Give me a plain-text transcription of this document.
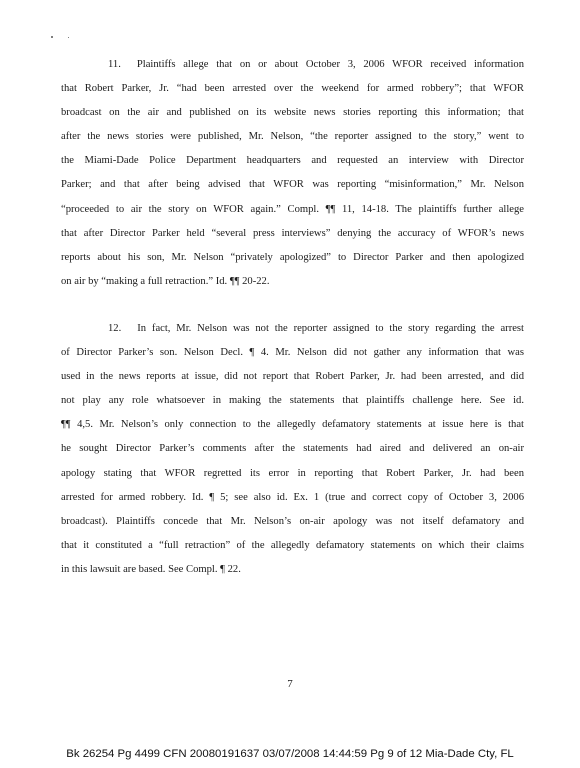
11. Plaintiffs allege that on or about October 3, 2006 WFOR received information
that Robert Parker, Jr. “had been arrested over the weekend for armed robbery”; that WFOR
broadcast on the air and published on its website news stories reporting this information; that
after the news stories were published, Mr. Nelson, “the reporter assigned to the story,” went to
the Miami-Dade Police Department headquarters and requested an interview with Director
Parker; and that after being advised that WFOR was reporting “misinformation,” Mr. Nelson
“proceeded to air the story on WFOR again.” Compl. ¶¶ 11, 14-18. The plaintiffs further allege
that after Director Parker held “several press interviews” denying the accuracy of WFOR’s news
reports about his son, Mr. Nelson “privately apologized” to Director Parker and then apologized
on air by “making a full retraction.” Id. ¶¶ 20-22.
12. In fact, Mr. Nelson was not the reporter assigned to the story regarding the arrest
of Director Parker’s son. Nelson Decl. ¶ 4. Mr. Nelson did not gather any information that was
used in the news reports at issue, did not report that Robert Parker, Jr. had been arrested, and did
not play any role whatsoever in making the statements that plaintiffs challenge here. See id.
¶¶ 4,5. Mr. Nelson’s only connection to the allegedly defamatory statements at issue here is that
he sought Director Parker’s comments after the statements had aired and delivered an on-air
apology stating that WFOR regretted its error in reporting that Robert Parker, Jr. had been
arrested for armed robbery. Id. ¶ 5; see also id. Ex. 1 (true and correct copy of October 3, 2006
broadcast). Plaintiffs concede that Mr. Nelson’s on-air apology was not itself defamatory and
that it constituted a “full retraction” of the allegedly defamatory statements on which their claims
in this lawsuit are based. See Compl. ¶ 22.
7
Bk 26254 Pg 4499 CFN 20080191637 03/07/2008 14:44:59 Pg 9 of 12 Mia-Dade Cty, FL
